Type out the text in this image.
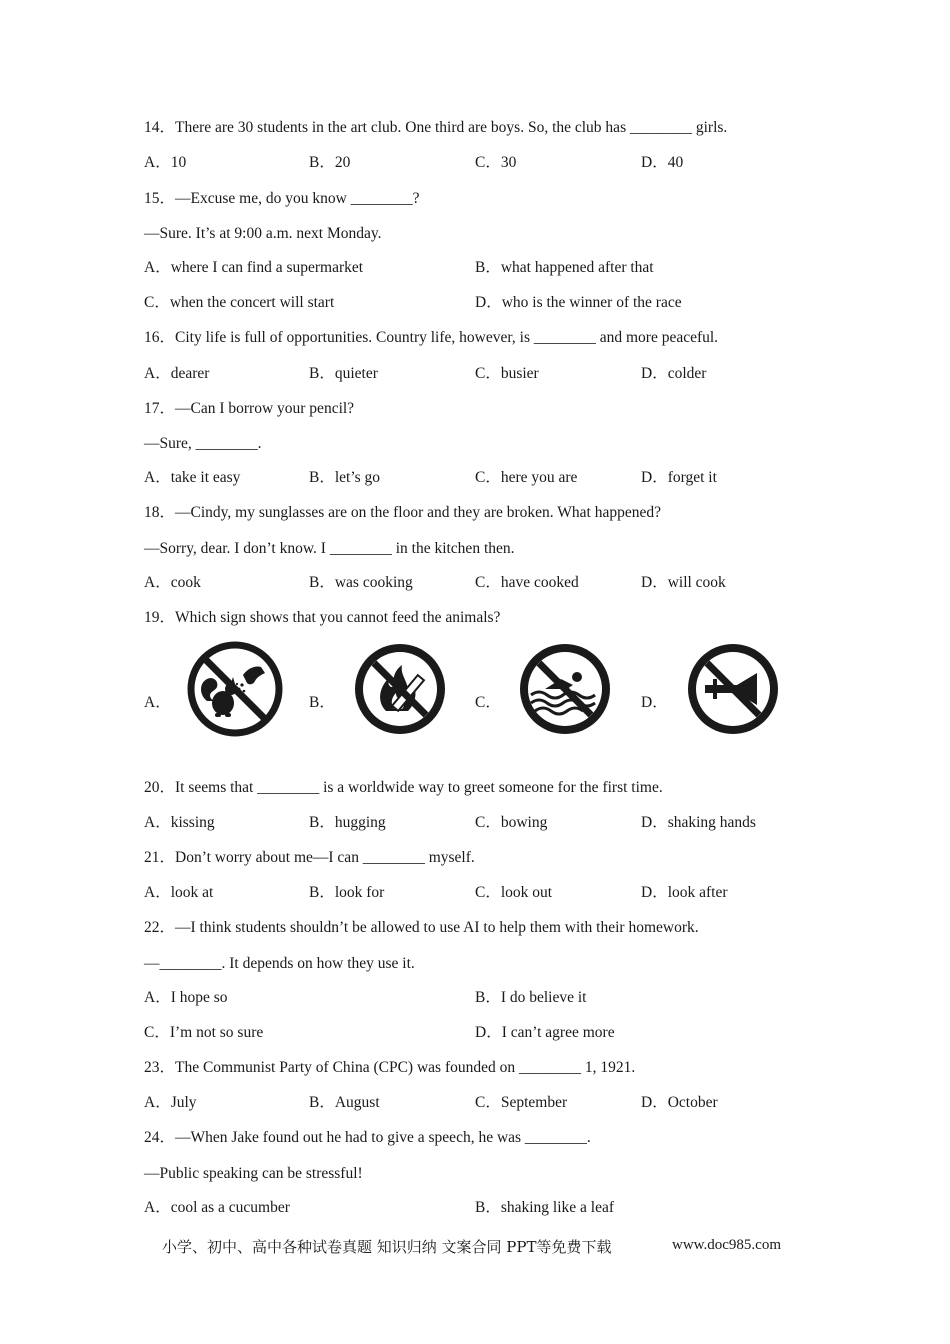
14．There are 30 students in the art club. One third are boys. So, the club has ________ girls.
A．10	B．20	C．30	D．40
15．—Excuse me, do you know ________?
—Sure. It’s at 9:00 a.m. next Monday.
A．where I can find a supermarket	B．what happened after that
C．when the concert will start	D．who is the winner of the race
16．City life is full of opportunities. Country life, however, is ________ and more peaceful.
A．dearer	B．quieter	C．busier	D．colder
17．—Can I borrow your pencil?
—Sure, ________.
A．take it easy	B．let’s go	C．here you are	D．forget it
18．—Cindy, my sunglasses are on the floor and they are broken. What happened?
—Sorry, dear. I don’t know. I ________ in the kitchen then.
A．cook	B．was cooking	C．have cooked	D．will cook
19．Which sign shows that you cannot feed the animals?
A．	B．	C．	D．
20．It seems that ________ is a worldwide way to greet someone for the first time.
A．kissing	B．hugging	C．bowing	D．shaking hands
21．Don’t worry about me—I can ________ myself.
A．look at	B．look for	C．look out	D．look after
22．—I think students shouldn’t be allowed to use AI to help them with their homework.
—________. It depends on how they use it.
A．I hope so	B．I do believe it
C．I’m not so sure	D．I can’t agree more
23．The Communist Party of China (CPC) was founded on ________ 1, 1921.
A．July	B．August	C．September	D．October
24．—When Jake found out he had to give a speech, he was ________.
—Public speaking can be stressful!
A．cool as a cucumber	B．shaking like a leaf
小学、初中、高中各种试卷真题 知识归纳 文案合同 PPT等免费下载	www.doc985.com
